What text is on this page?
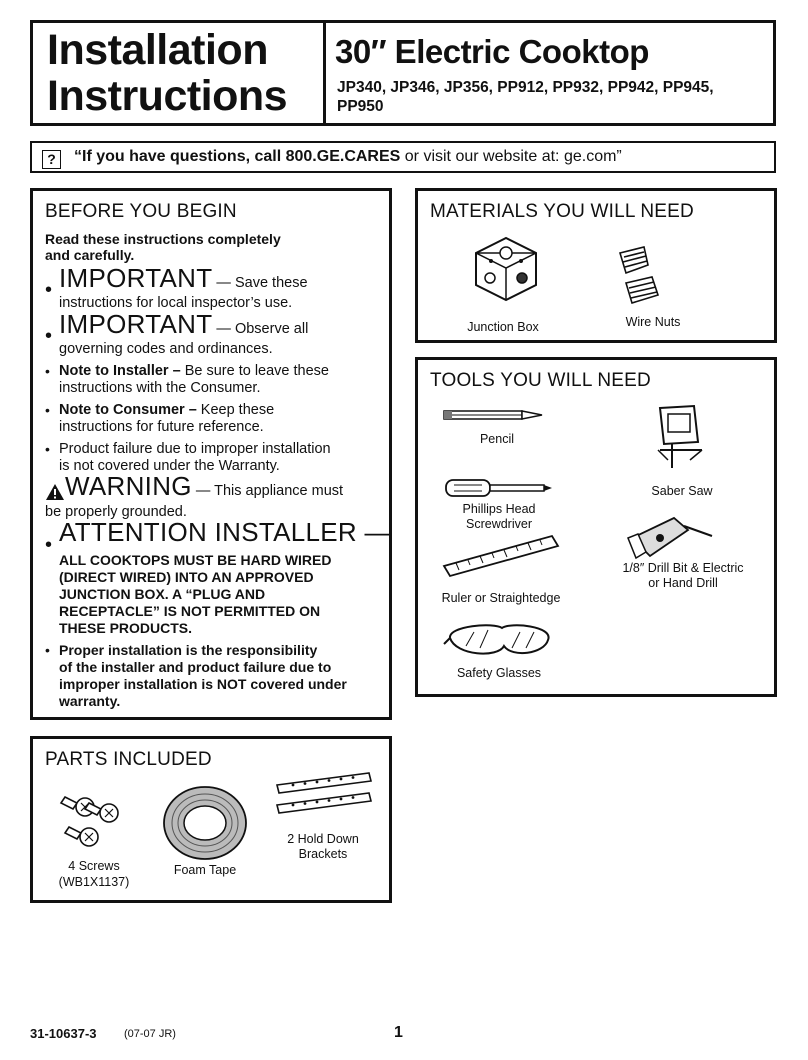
Installation
Instructions
30″ Electric Cooktop
JP340, JP346, JP356, PP912, PP932, PP942, PP945, PP950
?	“If you have questions, call 800.GE.CARES or visit our website at: ge.com”
BEFORE YOU BEGIN
Read these instructions completely
and carefully.
• IMPORTANT — Save these
instructions for local inspector’s use.
• IMPORTANT — Observe all
governing codes and ordinances.
• Note to Installer – Be sure to leave these
instructions with the Consumer.
• Note to Consumer – Keep these
instructions for future reference.
• Product failure due to improper installation
is not covered under the Warranty.
WARNING — This appliance must
be properly grounded.
• ATTENTION INSTALLER —
ALL COOKTOPS MUST BE HARD WIRED
(DIRECT WIRED) INTO AN APPROVED
JUNCTION BOX. A “PLUG AND
RECEPTACLE” IS NOT PERMITTED ON
THESE PRODUCTS.
• Proper installation is the responsibility
of the installer and product failure due to
improper installation is NOT covered under
warranty.
MATERIALS YOU WILL NEED
Junction Box	Wire Nuts
TOOLS YOU WILL NEED
Pencil
Saber Saw
Phillips Head
Screwdriver
1/8″ Drill Bit & Electric
or Hand Drill
Ruler or Straightedge
Safety Glasses
PARTS INCLUDED
4 Screws
(WB1X1137)
Foam Tape
2 Hold Down
Brackets
31-10637-3	(07-07 JR)	1
